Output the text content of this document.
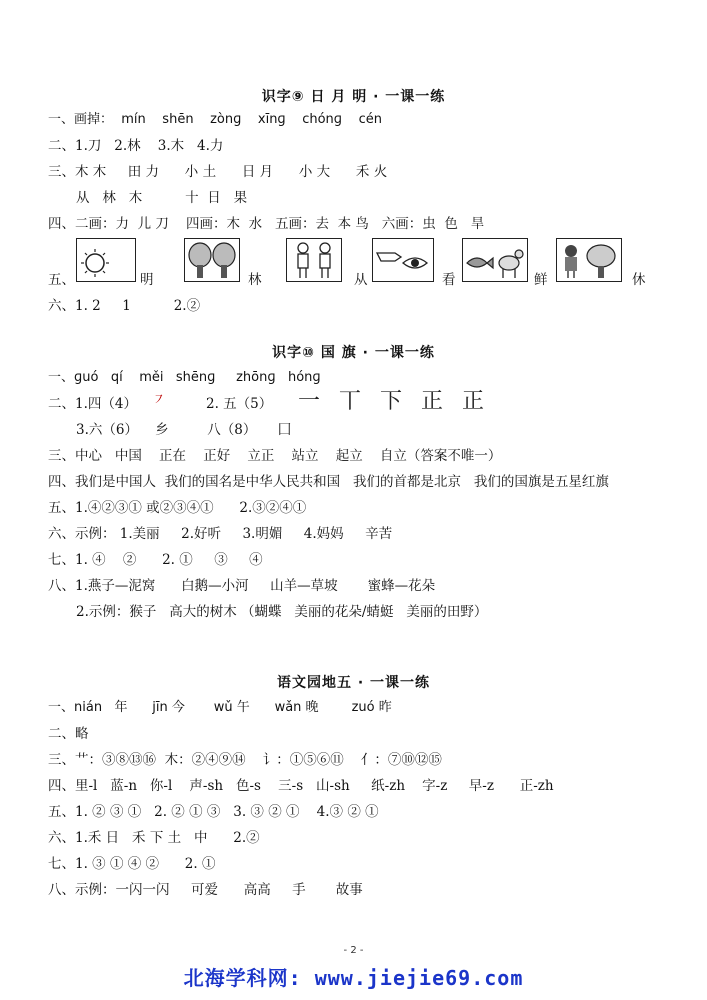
识字⑨ 日 月 明 · 一课一练
一、画掉：  mín    shēn    zònɡ    xīnɡ    chónɡ    cén
二、1.刀   2.林    3.木   4.力
三、木 木     田 力      小 土      日 月      小 大      禾 火
从   林   木          十  日   果
四、二画：力  儿 刀    四画：木  水   五画：去  本 鸟   六画：虫  色   旱
五、	明	林	从	看	鲜	休
六、1. 2     1          2.②
识字⑩ 国 旗 · 一课一练
一、ɡuó   qí    měi   shēnɡ     zhōnɡ   hónɡ
二、1.四（4） ㇇	2. 五（5） 一 丅 下 正 正
3.六（6）    乡         八（8）     囗
三、中心   中国    正在    正好    立正    站立    起立    自立（答案不唯一）
四、我们是中国人  我们的国名是中华人民共和国   我们的首都是北京   我们的国旗是五星红旗
五、1.④②③① 或②③④①      2.③②④①
六、示例： 1.美丽     2.好听     3.明媚     4.妈妈     辛苦
七、1. ④    ②      2. ①     ③     ④
八、1.燕子—泥窝      白鹅—小河     山羊—草坡       蜜蜂—花朵
2.示例：猴子   高大的树木 （蝴蝶   美丽的花朵/蜻蜓   美丽的田野）
语文园地五 · 一课一练
一、nián   年      jīn 今       wǔ 午      wǎn 晚        zuó 昨
二、略
三、艹：③⑧⑬⑯  木：②④⑨⑭    讠：①⑤⑥⑪    亻：⑦⑩⑫⑮
四、里-l   蓝-n   你-l    声-sh   色-s    三-s   山-sh     纸-zh    字-z     早-z      正-zh
五、1. ② ③ ①   2. ② ① ③   3. ③ ② ①    4.③ ② ①
六、1.禾 日   禾 下 土   中      2.②
七、1. ③ ① ④ ②      2. ①
八、示例：一闪一闪     可爱      高高     手       故事
- 2 -
北海学科网: www.jiejie69.com
